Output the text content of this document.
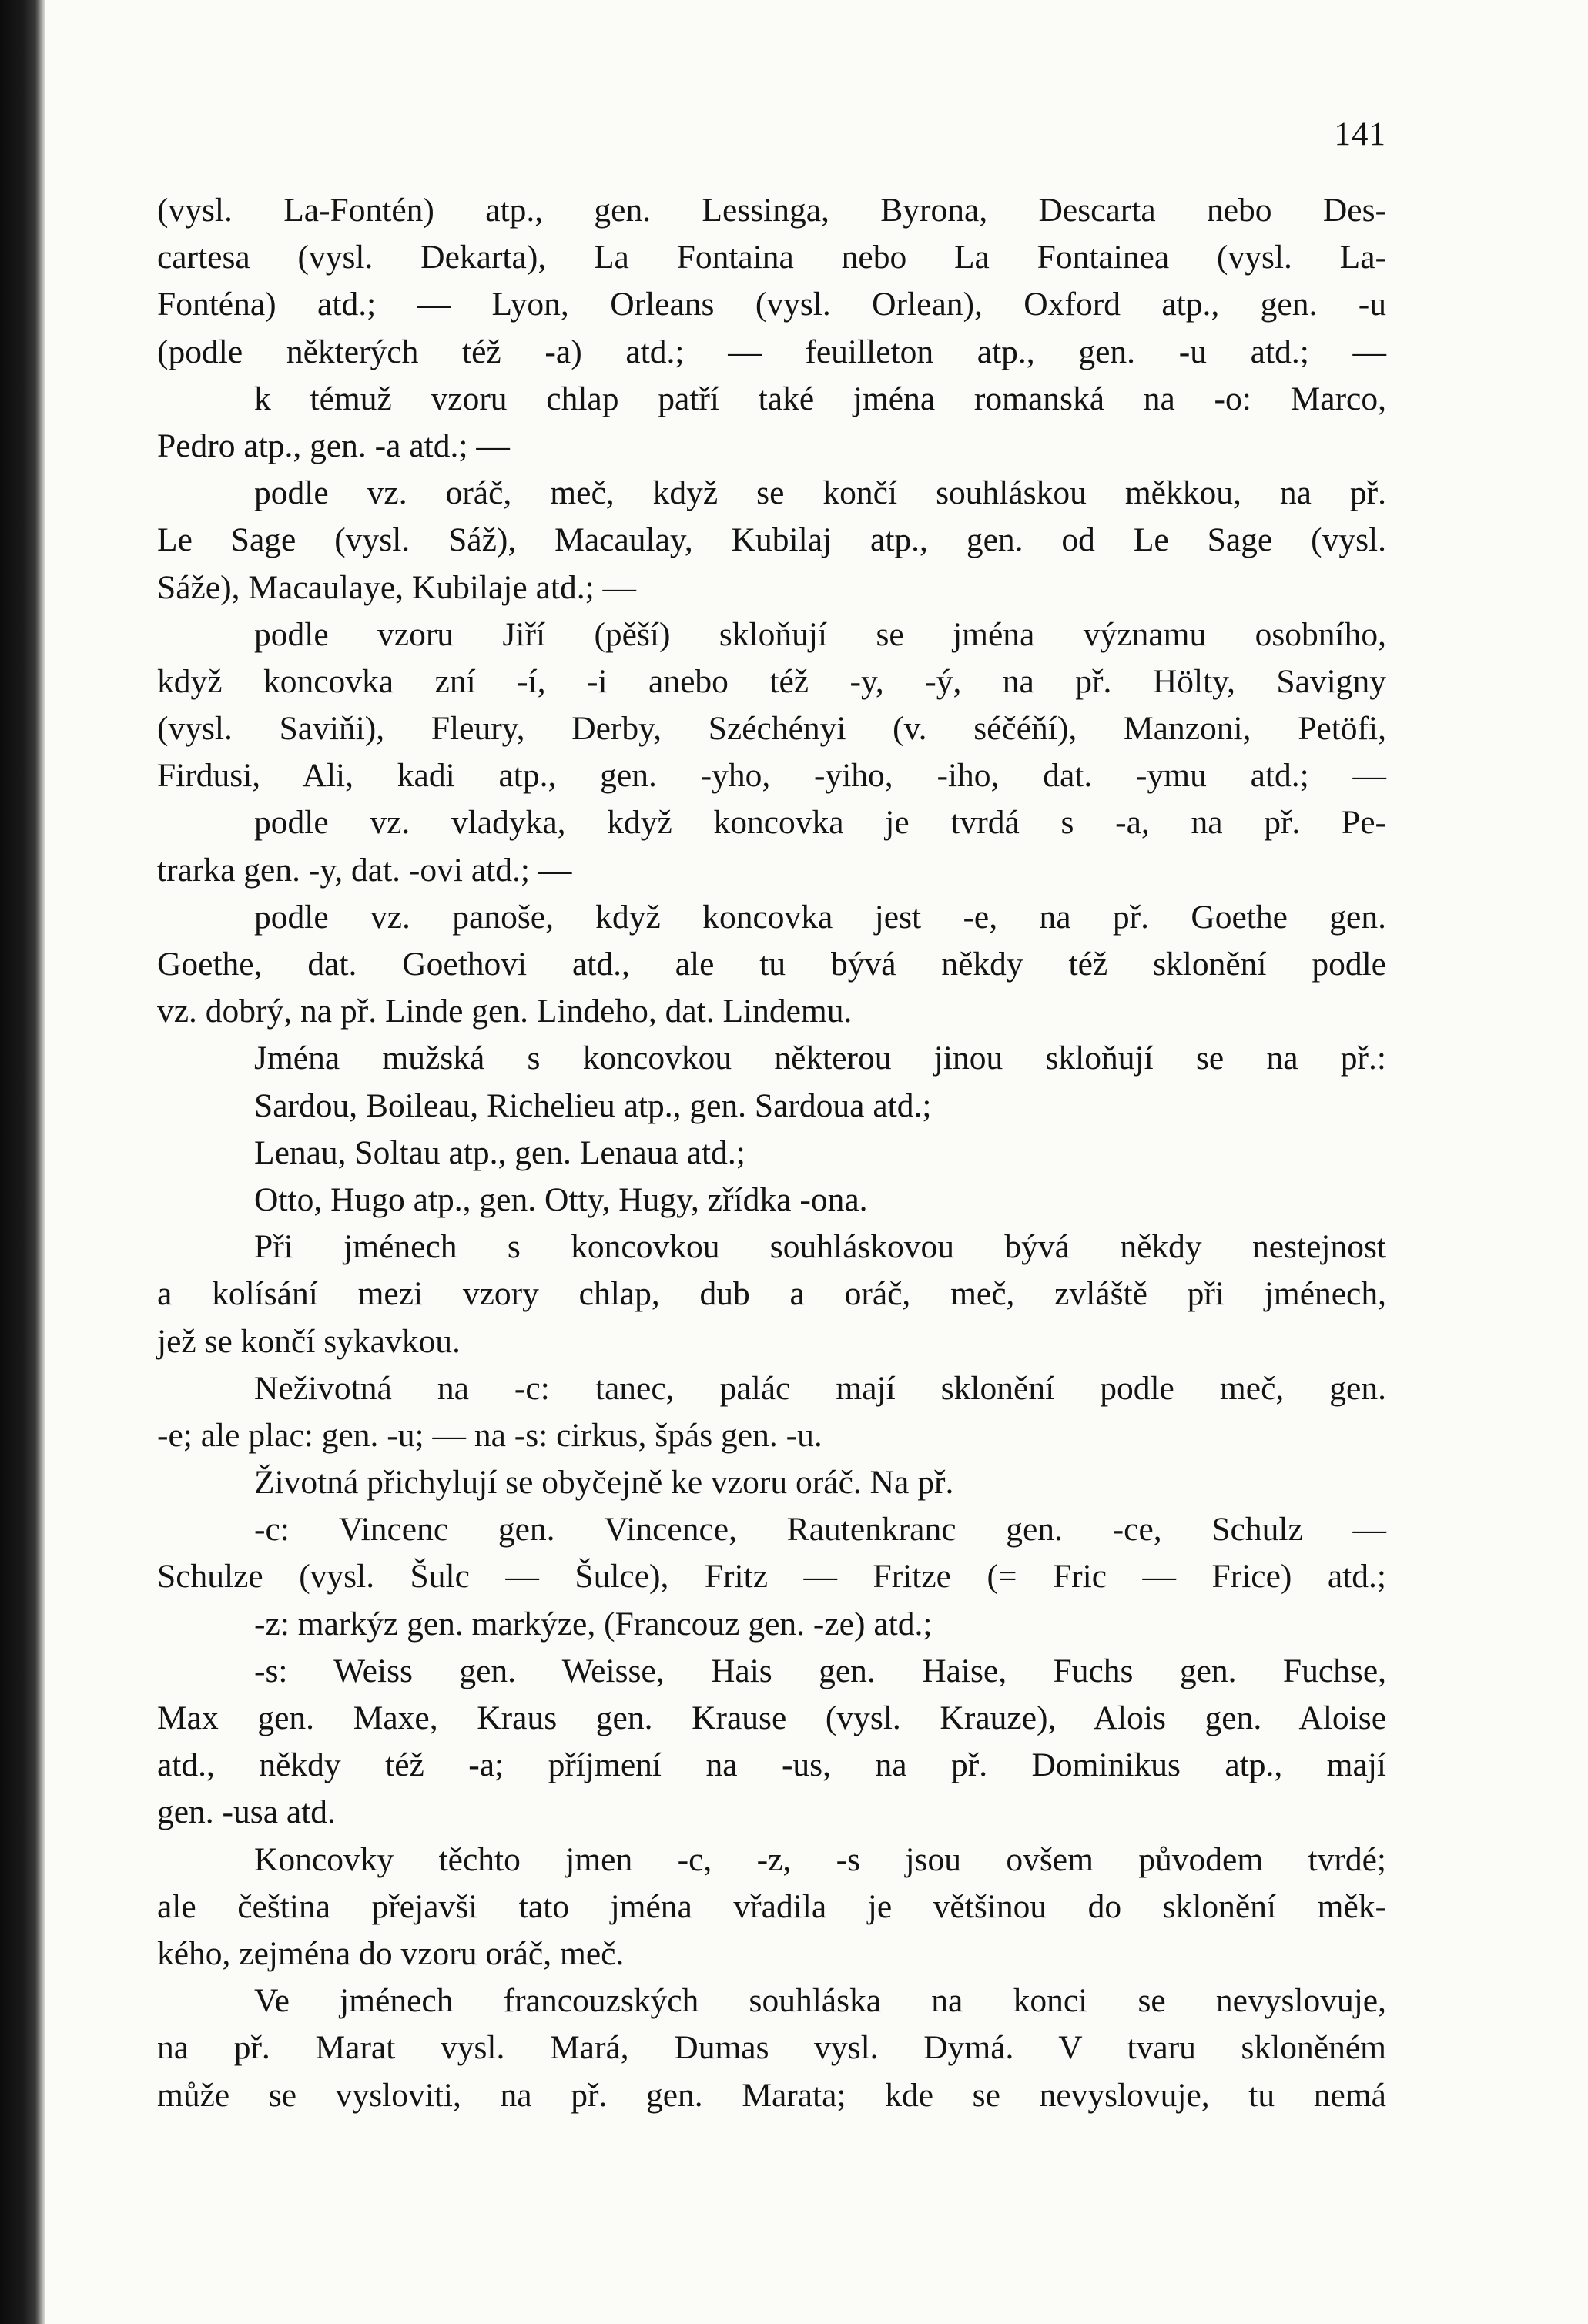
141
(vysl. La-Fontén) atp., gen. Lessinga, Byrona, Descarta nebo Des-
cartesa (vysl. Dekarta), La Fontaina nebo La Fontainea (vysl. La-
Fonténa) atd.; — Lyon, Orleans (vysl. Orlean), Oxford atp., gen. -u
(podle některých též -a) atd.; — feuilleton atp., gen. -u atd.; —
k témuž vzoru chlap patří také jména romanská na -o: Marco,
Pedro atp., gen. -a atd.; —
podle vz. oráč, meč, když se končí souhláskou měkkou, na př.
Le Sage (vysl. Sáž), Macaulay, Kubilaj atp., gen. od Le Sage (vysl.
Sáže), Macaulaye, Kubilaje atd.; —
podle vzoru Jiří (pěší) skloňují se jména významu osobního,
když koncovka zní -í, -i anebo též -y, -ý, na př. Hölty, Savigny
(vysl. Saviňi), Fleury, Derby, Széchényi (v. séčéňí), Manzoni, Petöfi,
Firdusi, Ali, kadi atp., gen. -yho, -yiho, -iho, dat. -ymu atd.; —
podle vz. vladyka, když koncovka je tvrdá s -a, na př. Pe-
trarka gen. -y, dat. -ovi atd.; —
podle vz. panoše, když koncovka jest -e, na př. Goethe gen.
Goethe, dat. Goethovi atd., ale tu bývá někdy též sklonění podle
vz. dobrý, na př. Linde gen. Lindeho, dat. Lindemu.
Jména mužská s koncovkou některou jinou skloňují se na př.:
Sardou, Boileau, Richelieu atp., gen. Sardoua atd.;
Lenau, Soltau atp., gen. Lenaua atd.;
Otto, Hugo atp., gen. Otty, Hugy, zřídka -ona.
Při jménech s koncovkou souhláskovou bývá někdy nestejnost
a kolísání mezi vzory chlap, dub a oráč, meč, zvláště při jménech,
jež se končí sykavkou.
Neživotná na -c: tanec, palác mají sklonění podle meč, gen.
-e; ale plac: gen. -u; — na -s: cirkus, špás gen. -u.
Životná přichylují se obyčejně ke vzoru oráč. Na př.
-c: Vincenc gen. Vincence, Rautenkranc gen. -ce, Schulz —
Schulze (vysl. Šulc — Šulce), Fritz — Fritze (= Fric — Frice) atd.;
-z: markýz gen. markýze, (Francouz gen. -ze) atd.;
-s: Weiss gen. Weisse, Hais gen. Haise, Fuchs gen. Fuchse,
Max gen. Maxe, Kraus gen. Krause (vysl. Krauze), Alois gen. Aloise
atd., někdy též -a; příjmení na -us, na př. Dominikus atp., mají
gen. -usa atd.
Koncovky těchto jmen -c, -z, -s jsou ovšem původem tvrdé;
ale čeština přejavši tato jména vřadila je většinou do sklonění měk-
kého, zejména do vzoru oráč, meč.
Ve jménech francouzských souhláska na konci se nevyslovuje,
na př. Marat vysl. Mará, Dumas vysl. Dymá. V tvaru skloněném
může se vysloviti, na př. gen. Marata; kde se nevyslovuje, tu nemá
